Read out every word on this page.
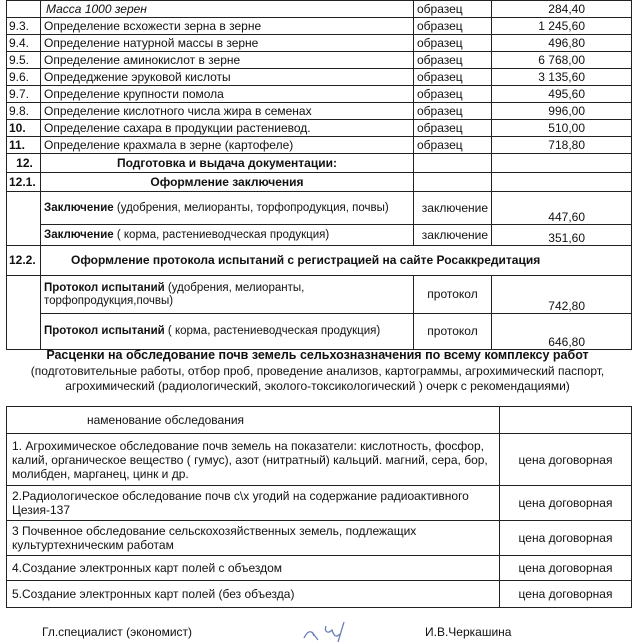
	Масса 1000 зерен	образец	284,40
9.3.	Определение всхожести зерна в зерне	образец	1 245,60
9.4.	Определение натурной массы в зерне	образец	496,80
9.5.	Определение аминокислот в зерне	образец	6 768,00
9.6.	Опредеджение эруковой кислоты	образец	3 135,60
9.7.	Определение крупности помола	образец	495,60
9.8.	Определение кислотного числа жира в семенах	образец	996,00
10.	Определение сахара в продукции растениевод.	образец	510,00
11.	Определение крахмала в зерне (картофеле)	образец	718,80
12.	Подготовка и выдача документации:		
12.1.	Оформление заключения		
	Заключение (удобрения, мелиоранты, торфопродукция, почвы)	заключение	447,60
	Заключение ( корма, растениеводческая продукция)	заключение	351,60
12.2.	Оформление протокола испытаний с регистрацией на сайте Росаккредитация		
	Протокол испытаний (удобрения, мелиоранты, торфопродукция,почвы)	протокол	742,80
	Протокол испытаний ( корма, растениеводческая продукция)	протокол	646,80
Расценки на обследование почв земель сельхозназначения по всему комплексу работ
(подготовительные работы, отбор проб, проведение анализов, картограммы, агрохимический паспорт, агрохимический (радиологический, эколого-токсикологический ) очерк с рекомендациями)
наменование обследования	
1. Агрохимическое обследование почв земель на показатели: кислотность, фосфор, калий, органическое вещество ( гумус), азот (нитратный) кальций. магний, сера, бор, молибден, марганец, цинк и др.	цена договорная
2.Радиологическое обследование почв с\х угодий на содержание радиоактивного Цезия-137	цена договорная
3 Почвенное обследование сельскохозяйственных земель, подлежащих культуртехническим работам	цена договорная
4.Создание электронных карт полей с объездом	цена договорная
5.Создание электронных карт полей (без объезда)	цена договорная
Гл.специалист (экономист)	И.В.Черкашина
